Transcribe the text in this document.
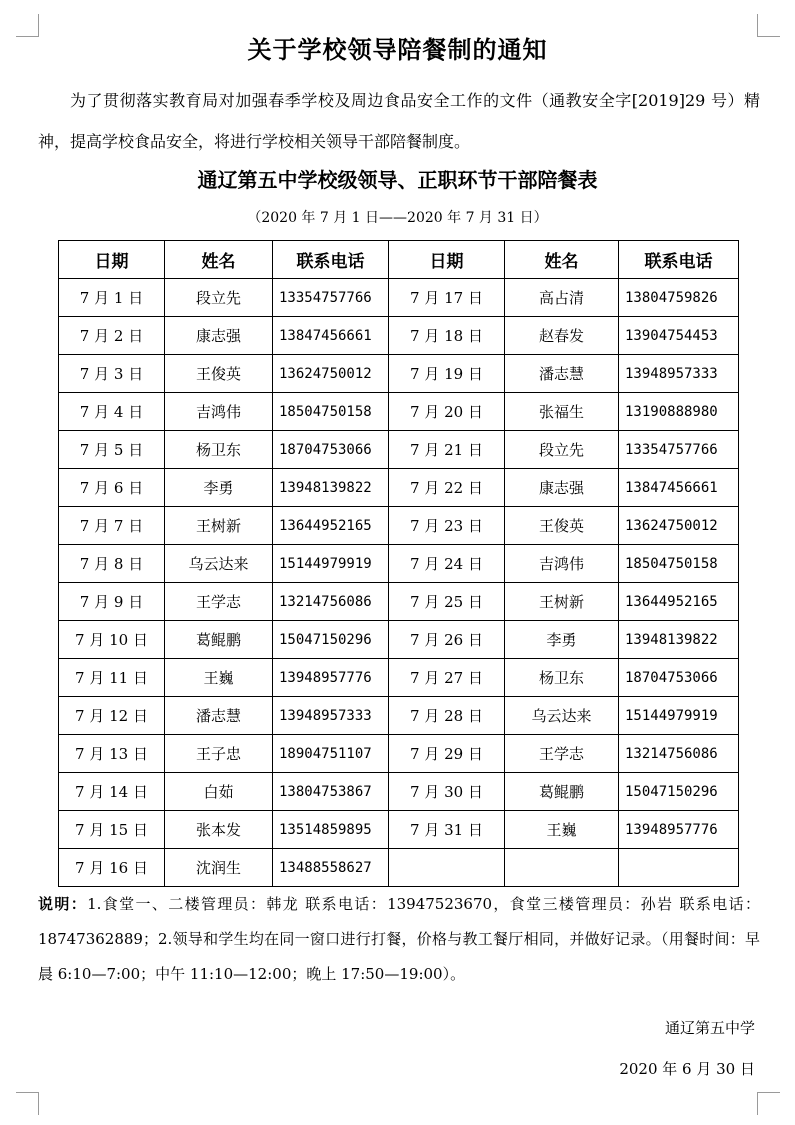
关于学校领导陪餐制的通知
为了贯彻落实教育局对加强春季学校及周边食品安全工作的文件（通教安全字[2019]29 号）精神，提高学校食品安全，将进行学校相关领导干部陪餐制度。
通辽第五中学校级领导、正职环节干部陪餐表
（2020 年 7 月 1 日——2020 年 7 月 31 日）
日期	姓名	联系电话	日期	姓名	联系电话
7 月 1 日	段立先	13354757766	7 月 17 日	高占清	13804759826
7 月 2 日	康志强	13847456661	7 月 18 日	赵春发	13904754453
7 月 3 日	王俊英	13624750012	7 月 19 日	潘志慧	13948957333
7 月 4 日	吉鸿伟	18504750158	7 月 20 日	张福生	13190888980
7 月 5 日	杨卫东	18704753066	7 月 21 日	段立先	13354757766
7 月 6 日	李勇	13948139822	7 月 22 日	康志强	13847456661
7 月 7 日	王树新	13644952165	7 月 23 日	王俊英	13624750012
7 月 8 日	乌云达来	15144979919	7 月 24 日	吉鸿伟	18504750158
7 月 9 日	王学志	13214756086	7 月 25 日	王树新	13644952165
7 月 10 日	葛鲲鹏	15047150296	7 月 26 日	李勇	13948139822
7 月 11 日	王巍	13948957776	7 月 27 日	杨卫东	18704753066
7 月 12 日	潘志慧	13948957333	7 月 28 日	乌云达来	15144979919
7 月 13 日	王子忠	18904751107	7 月 29 日	王学志	13214756086
7 月 14 日	白茹	13804753867	7 月 30 日	葛鲲鹏	15047150296
7 月 15 日	张本发	13514859895	7 月 31 日	王巍	13948957776
7 月 16 日	沈润生	13488558627			
说明：1.食堂一、二楼管理员：韩龙 联系电话：13947523670，食堂三楼管理员：孙岩 联系电话：18747362889；2.领导和学生均在同一窗口进行打餐，价格与教工餐厅相同，并做好记录。（用餐时间：早晨 6:10—7:00；中午 11:10—12:00；晚上 17:50—19:00）。
通辽第五中学
2020 年 6 月 30 日
